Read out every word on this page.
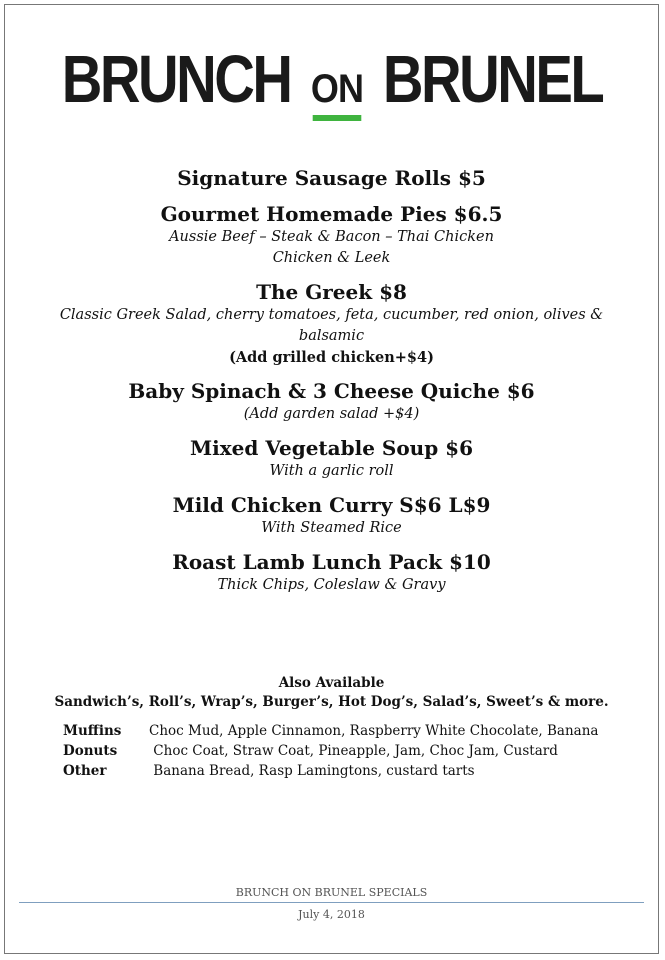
BRUNCH ON BRUNEL
Signature Sausage Rolls $5
Gourmet Homemade Pies $6.5
Aussie Beef – Steak & Bacon – Thai Chicken
Chicken & Leek
The Greek $8
Classic Greek Salad, cherry tomatoes, feta, cucumber, red onion, olives &
balsamic
(Add grilled chicken+$4)
Baby Spinach & 3 Cheese Quiche $6
(Add garden salad +$4)
Mixed Vegetable Soup $6
With a garlic roll
Mild Chicken Curry S$6 L$9
With Steamed Rice
Roast Lamb Lunch Pack $10
Thick Chips, Coleslaw & Gravy
Also Available
Sandwich’s, Roll’s, Wrap’s, Burger’s, Hot Dog’s, Salad’s, Sweet’s & more.
Muffins Choc Mud, Apple Cinnamon, Raspberry White Chocolate, Banana
Donuts Choc Coat, Straw Coat, Pineapple, Jam, Choc Jam, Custard
Other	Banana Bread, Rasp Lamingtons, custard tarts
BRUNCH ON BRUNEL SPECIALS
July 4, 2018
